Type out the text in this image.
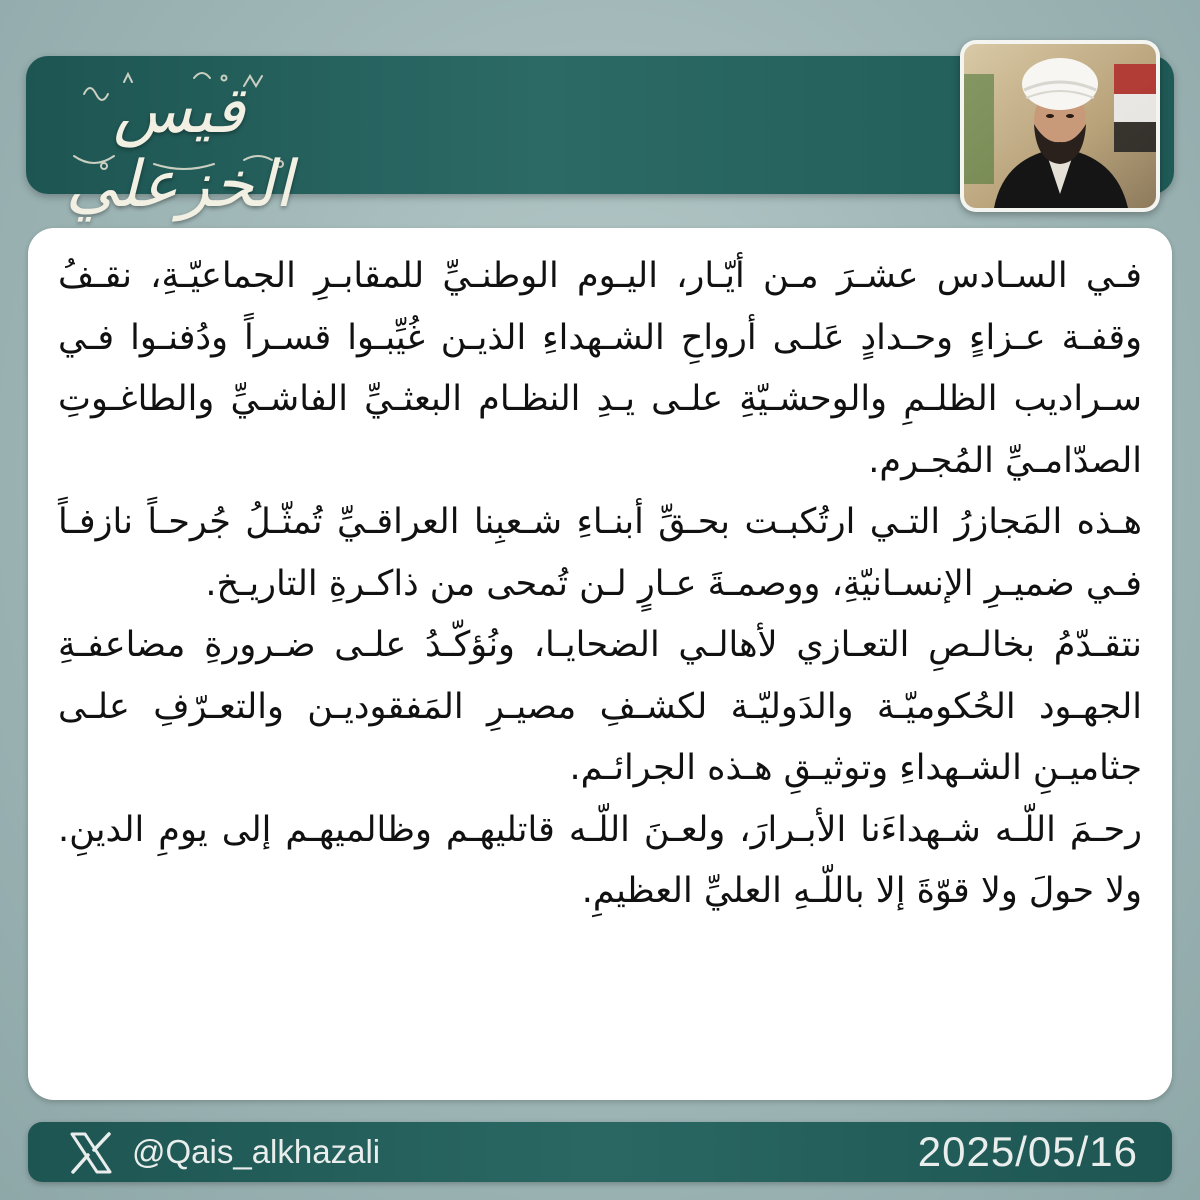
قيس الخزعلي

فـي السـادس عشـرَ مـن أيّـار، اليـوم الوطنـيِّ للمقابـرِ الجماعيّـةِ، نقـفُ وقفـة عـزاءٍ وحـدادٍ عَلـى أرواحِ الشـهداءِ الذيـن غُيِّبـوا قسـراً ودُفنـوا فـي سـراديب الظلـمِ والوحشـيّةِ علـى يـدِ النظـام البعثـيِّ الفاشـيِّ والطاغـوتِ الصدّامـيِّ المُجـرم.

هـذه المَجازرُ التـي ارتُكبـت بحـقِّ أبنـاءِ شـعبِنا العراقـيِّ تُمثّـلُ جُرحـاً نازفـاً فـي ضميـرِ الإنسـانيّةِ، ووصمـةَ عـارٍ لـن تُمحى من ذاكـرةِ التاريـخ.

نتقـدّمُ بخالـصِ التعـازي لأهالـي الضحايـا، ونُؤكّـدُ علـى ضـرورةِ مضاعفـةِ الجهـود الحُكوميّـة والدَوليّـة لكشـفِ مصيـرِ المَفقوديـن والتعـرّفِ علـى جثاميـنِ الشـهداءِ وتوثيـقِ هـذه الجرائـم.

رحـمَ اللّـه شـهداءَنا الأبـرارَ، ولعـنَ اللّـه قاتليهـم وظالميهـم إلى يومِ الدينِ. ولا حولَ ولا قوّةَ إلا باللّـهِ العليِّ العظيمِ.

@Qais_alkhazali	2025/05/16
